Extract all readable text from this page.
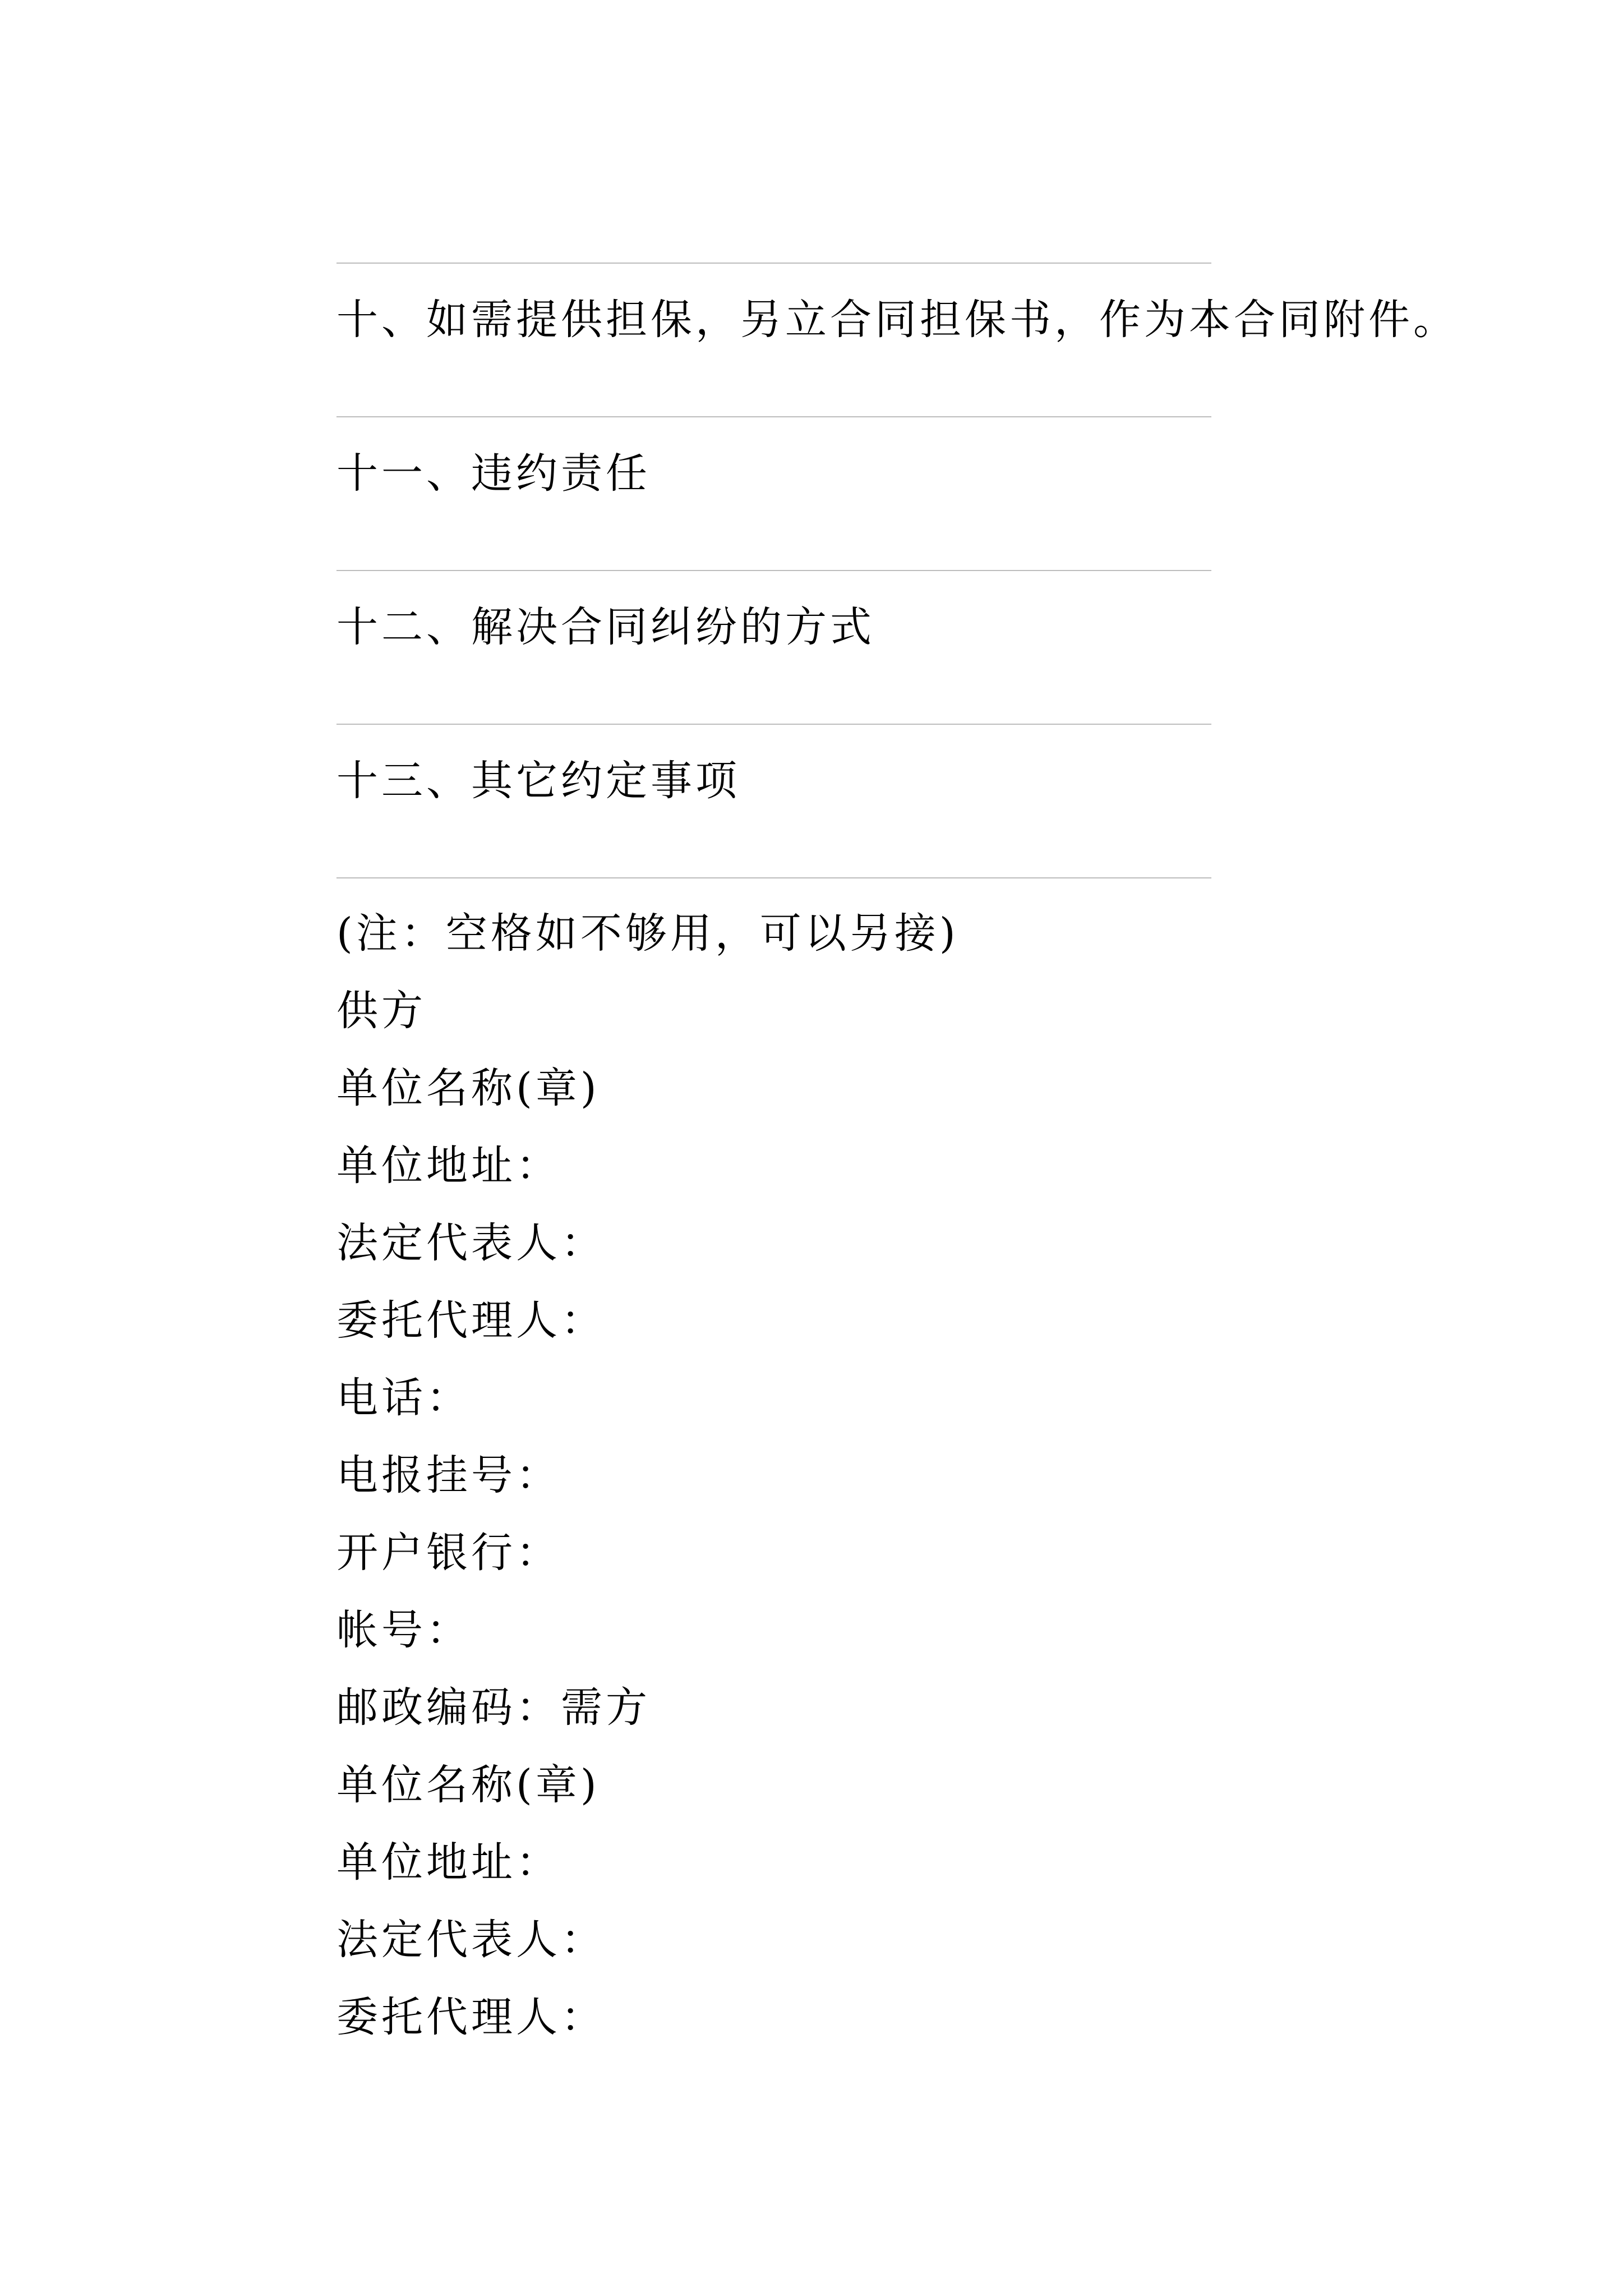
十、如需提供担保，另立合同担保书，作为本合同附件。
十一、违约责任
十二、解决合同纠纷的方式
十三、其它约定事项
(注：空格如不够用，可以另接)
供方
单位名称(章)
单位地址：
法定代表人：
委托代理人：
电话：
电报挂号：
开户银行：
帐号：
邮政编码：需方
单位名称(章)
单位地址：
法定代表人：
委托代理人：
